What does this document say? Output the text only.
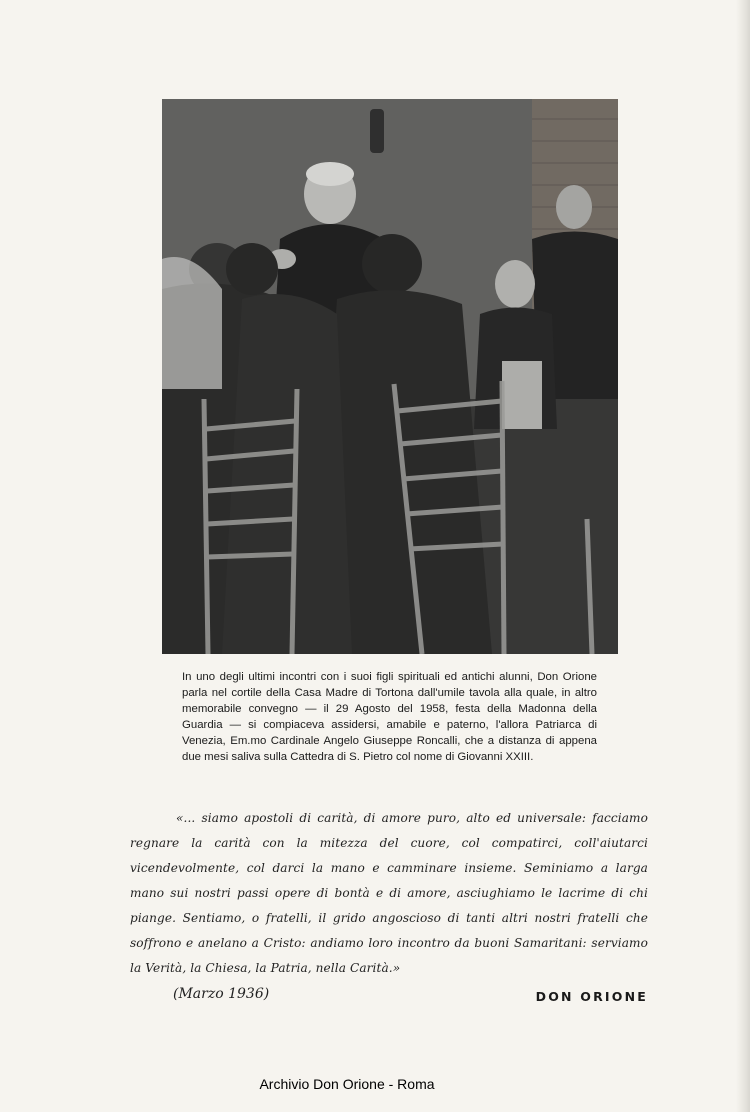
In uno degli ultimi incontri con i suoi figli spirituali ed antichi alunni, Don Orione parla nel cortile della Casa Madre di Tortona dall'umile tavola alla quale, in altro memorabile convegno — il 29 Agosto del 1958, festa della Madonna della Guardia — si compiaceva assidersi, amabile e paterno, l'allora Patriarca di Venezia, Em.mo Cardinale Angelo Giuseppe Roncalli, che a distanza di appena due mesi saliva sulla Cattedra di S. Pietro col nome di Giovanni XXIII.

«... siamo apostoli di carità, di amore puro, alto ed universale: facciamo regnare la carità con la mitezza del cuore, col compatirci, coll'aiutarci vicendevolmente, col darci la mano e camminare insieme. Seminiamo a larga mano sui nostri passi opere di bontà e di amore, asciughiamo le lacrime di chi piange. Sentiamo, o fratelli, il grido angoscioso di tanti altri nostri fratelli che soffrono e anelano a Cristo: andiamo loro incontro da buoni Samaritani: serviamo la Verità, la Chiesa, la Patria, nella Carità.»

(Marzo 1936)	DON ORIONE
Archivio Don Orione - Roma
